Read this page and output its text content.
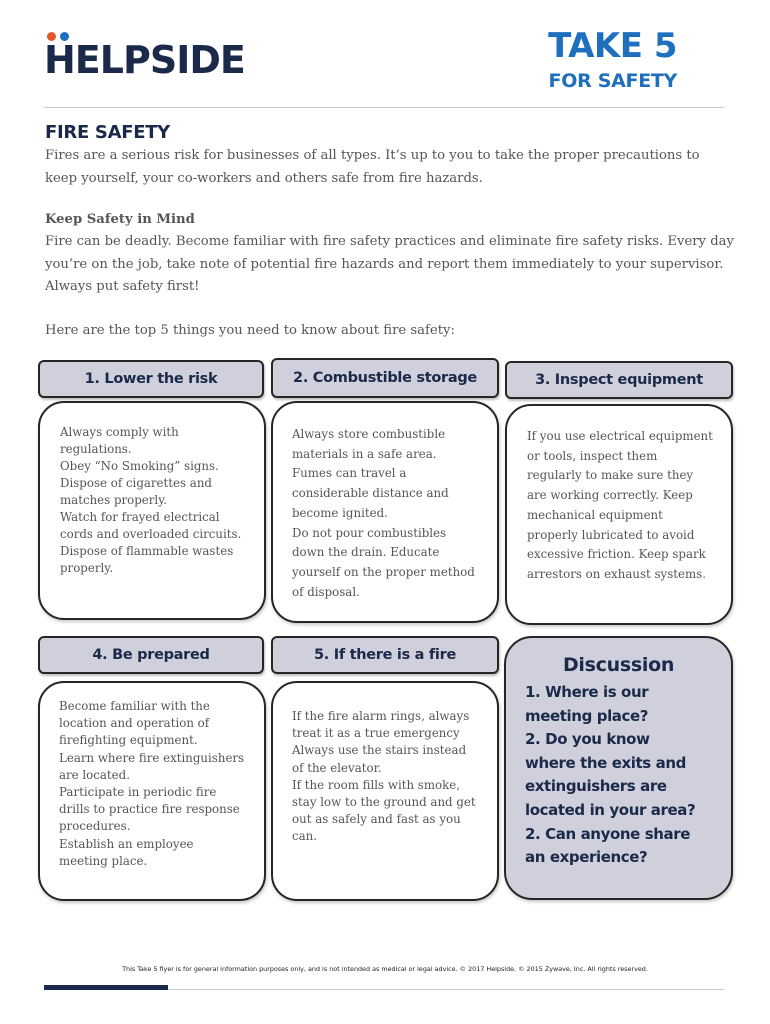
HELPSIDE	TAKE 5
FOR SAFETY
FIRE SAFETY
Fires are a serious risk for businesses of all types. It’s up to you to take the proper precautions to keep yourself, your co-workers and others safe from fire hazards.
Keep Safety in Mind
Fire can be deadly. Become familiar with fire safety practices and eliminate fire safety risks. Every day you’re on the job, take note of potential fire hazards and report them immediately to your supervisor. Always put safety first!
Here are the top 5 things you need to know about fire safety:
1. Lower the risk
Always comply with
regulations.
Obey “No Smoking” signs.
Dispose of cigarettes and
matches properly.
Watch for frayed electrical
cords and overloaded circuits.
Dispose of flammable wastes
properly.
2. Combustible storage
Always store combustible
materials in a safe area.
Fumes can travel a
considerable distance and
become ignited.
Do not pour combustibles
down the drain. Educate
yourself on the proper method
of disposal.
3. Inspect equipment
If you use electrical equipment
or tools, inspect them
regularly to make sure they
are working correctly. Keep
mechanical equipment
properly lubricated to avoid
excessive friction. Keep spark
arrestors on exhaust systems.
4. Be prepared
Become familiar with the
location and operation of
firefighting equipment.
Learn where fire extinguishers
are located.
Participate in periodic fire
drills to practice fire response
procedures.
Establish an employee
meeting place.
5. If there is a fire
If the fire alarm rings, always
treat it as a true emergency
Always use the stairs instead
of the elevator.
If the room fills with smoke,
stay low to the ground and get
out as safely and fast as you
can.
Discussion
1. Where is our
meeting place?
2. Do you know
where the exits and
extinguishers are
located in your area?
2. Can anyone share
an experience?
This Take 5 flyer is for general information purposes only, and is not intended as medical or legal advice. © 2017 Helpside. © 2015 Zywave, Inc. All rights reserved.
